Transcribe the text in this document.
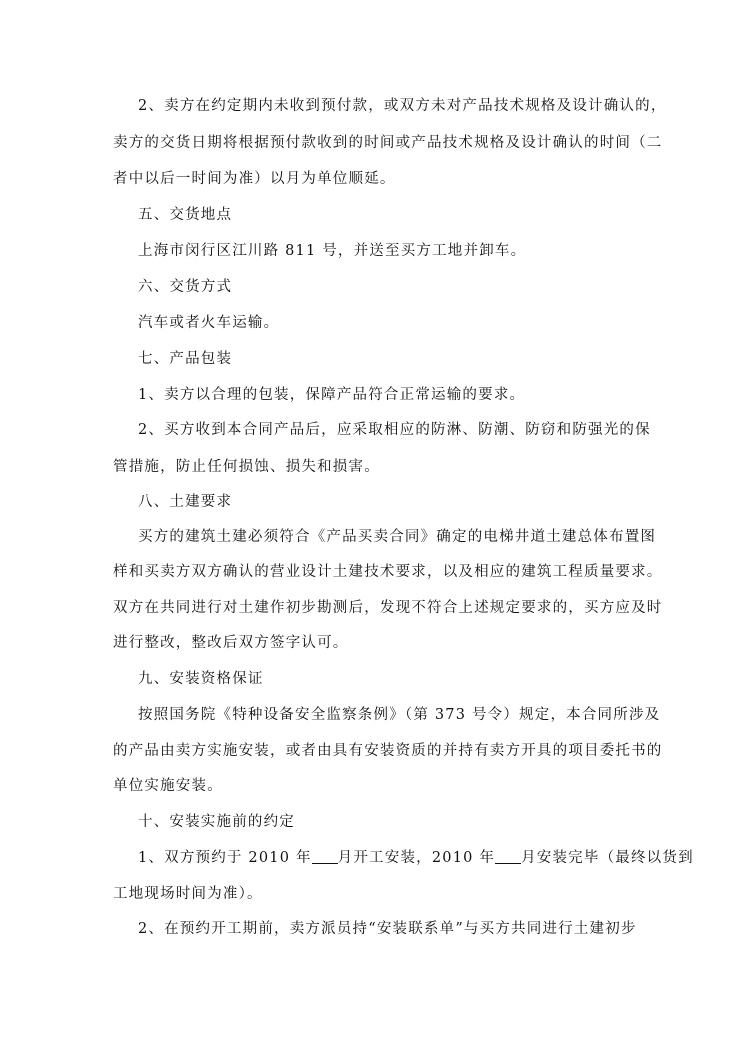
2、卖方在约定期内未收到预付款，或双方未对产品技术规格及设计确认的，
卖方的交货日期将根据预付款收到的时间或产品技术规格及设计确认的时间（二
者中以后一时间为准）以月为单位顺延。
五、交货地点
上海市闵行区江川路 811 号，并送至买方工地并卸车。
六、交货方式
汽车或者火车运输。
七、产品包装
1、卖方以合理的包装，保障产品符合正常运输的要求。
2、买方收到本合同产品后，应采取相应的防淋、防潮、防窃和防强光的保
管措施，防止任何损蚀、损失和损害。
八、土建要求
买方的建筑土建必须符合《产品买卖合同》确定的电梯井道土建总体布置图
样和买卖方双方确认的营业设计土建技术要求，以及相应的建筑工程质量要求。
双方在共同进行对土建作初步勘测后，发现不符合上述规定要求的，买方应及时
进行整改，整改后双方签字认可。
九、安装资格保证
按照国务院《特种设备安全监察条例》（第 373 号令）规定，本合同所涉及
的产品由卖方实施安装，或者由具有安装资质的并持有卖方开具的项目委托书的
单位实施安装。
十、安装实施前的约定
1、双方预约于 2010 年 月开工安装，2010 年 月安装完毕（最终以货到
工地现场时间为准）。
2、在预约开工期前，卖方派员持“安装联系单”与买方共同进行土建初步
